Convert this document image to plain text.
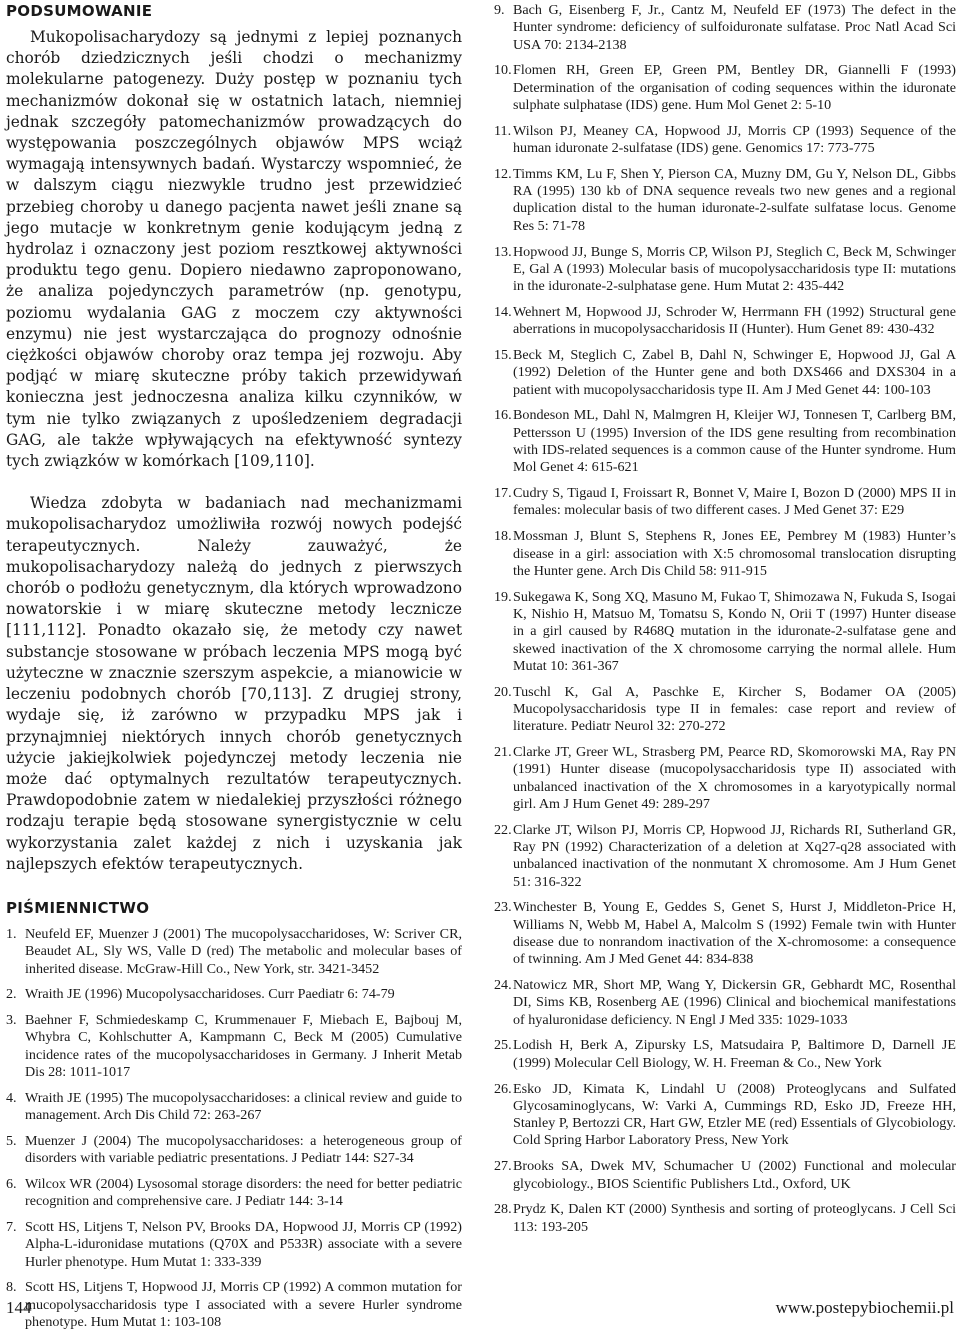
PODSUMOWANIE

Mukopolisacharydozy są jednymi z lepiej poznanych chorób dziedzicznych jeśli chodzi o mechanizmy molekularne patogenezy. Duży postęp w poznaniu tych mechanizmów dokonał się w ostatnich latach, niemniej jednak szczegóły patomechanizmów prowadzących do występowania poszczególnych objawów MPS wciąż wymagają intensywnych badań. Wystarczy wspomnieć, że w dalszym ciągu niezwykle trudno jest przewidzieć przebieg choroby u danego pacjenta nawet jeśli znane są jego mutacje w konkretnym genie kodującym jedną z hydrolaz i oznaczony jest poziom resztkowej aktywności produktu tego genu. Dopiero niedawno zaproponowano, że analiza pojedynczych parametrów (np. genotypu, poziomu wydalania GAG z moczem czy aktywności enzymu) nie jest wystarczająca do prognozy odnośnie ciężkości objawów choroby oraz tempa jej rozwoju. Aby podjąć w miarę skuteczne próby takich przewidywań konieczna jest jednoczesna analiza kilku czynników, w tym nie tylko związanych z upośledzeniem degradacji GAG, ale także wpływających na efektywność syntezy tych związków w komórkach [109,110].

Wiedza zdobyta w badaniach nad mechanizmami mukopolisacharydoz umożliwiła rozwój nowych podejść terapeutycznych. Należy zauważyć, że mukopolisacharydozy należą do jednych z pierwszych chorób o podłożu genetycznym, dla których wprowadzono nowatorskie i w miarę skuteczne metody lecznicze [111,112]. Ponadto okazało się, że metody czy nawet substancje stosowane w próbach leczenia MPS mogą być użyteczne w znacznie szerszym aspekcie, a mianowicie w leczeniu podobnych chorób [70,113]. Z drugiej strony, wydaje się, iż zarówno w przypadku MPS jak i przynajmniej niektórych innych chorób genetycznych użycie jakiejkolwiek pojedynczej metody leczenia nie może dać optymalnych rezultatów terapeutycznych. Prawdopodobnie zatem w niedalekiej przyszłości różnego rodzaju terapie będą stosowane synergistycznie w celu wykorzystania zalet każdej z nich i uzyskania jak najlepszych efektów terapeutycznych.

PIŚMIENNICTWO
1. Neufeld EF, Muenzer J (2001) The mucopolysaccharidoses, W: Scriver CR, Beaudet AL, Sly WS, Valle D (red) The metabolic and molecular bases of inherited disease. McGraw-Hill Co., New York, str. 3421-3452
2. Wraith JE (1996) Mucopolysaccharidoses. Curr Paediatr 6: 74-79
3. Baehner F, Schmiedeskamp C, Krummenauer F, Miebach E, Bajbouj M, Whybra C, Kohlschutter A, Kampmann C, Beck M (2005) Cumulative incidence rates of the mucopolysaccharidoses in Germany. J Inherit Metab Dis 28: 1011-1017
4. Wraith JE (1995) The mucopolysaccharidoses: a clinical review and guide to management. Arch Dis Child 72: 263-267
5. Muenzer J (2004) The mucopolysaccharidoses: a heterogeneous group of disorders with variable pediatric presentations. J Pediatr 144: S27-34
6. Wilcox WR (2004) Lysosomal storage disorders: the need for better pediatric recognition and comprehensive care. J Pediatr 144: 3-14
7. Scott HS, Litjens T, Nelson PV, Brooks DA, Hopwood JJ, Morris CP (1992) Alpha-L-iduronidase mutations (Q70X and P533R) associate with a severe Hurler phenotype. Hum Mutat 1: 333-339
8. Scott HS, Litjens T, Hopwood JJ, Morris CP (1992) A common mutation for mucopolysaccharidosis type I associated with a severe Hurler syndrome phenotype. Hum Mutat 1: 103-108
9. Bach G, Eisenberg F, Jr., Cantz M, Neufeld EF (1973) The defect in the Hunter syndrome: deficiency of sulfoiduronate sulfatase. Proc Natl Acad Sci USA 70: 2134-2138
10. Flomen RH, Green EP, Green PM, Bentley DR, Giannelli F (1993) Determination of the organisation of coding sequences within the iduronate sulphate sulphatase (IDS) gene. Hum Mol Genet 2: 5-10
11. Wilson PJ, Meaney CA, Hopwood JJ, Morris CP (1993) Sequence of the human iduronate 2-sulfatase (IDS) gene. Genomics 17: 773-775
12. Timms KM, Lu F, Shen Y, Pierson CA, Muzny DM, Gu Y, Nelson DL, Gibbs RA (1995) 130 kb of DNA sequence reveals two new genes and a regional duplication distal to the human iduronate-2-sulfate sulfatase locus. Genome Res 5: 71-78
13. Hopwood JJ, Bunge S, Morris CP, Wilson PJ, Steglich C, Beck M, Schwinger E, Gal A (1993) Molecular basis of mucopolysaccharidosis type II: mutations in the iduronate-2-sulphatase gene. Hum Mutat 2: 435-442
14. Wehnert M, Hopwood JJ, Schroder W, Herrmann FH (1992) Structural gene aberrations in mucopolysaccharidosis II (Hunter). Hum Genet 89: 430-432
15. Beck M, Steglich C, Zabel B, Dahl N, Schwinger E, Hopwood JJ, Gal A (1992) Deletion of the Hunter gene and both DXS466 and DXS304 in a patient with mucopolysaccharidosis type II. Am J Med Genet 44: 100-103
16. Bondeson ML, Dahl N, Malmgren H, Kleijer WJ, Tonnesen T, Carlberg BM, Pettersson U (1995) Inversion of the IDS gene resulting from recombination with IDS-related sequences is a common cause of the Hunter syndrome. Hum Mol Genet 4: 615-621
17. Cudry S, Tigaud I, Froissart R, Bonnet V, Maire I, Bozon D (2000) MPS II in females: molecular basis of two different cases. J Med Genet 37: E29
18. Mossman J, Blunt S, Stephens R, Jones EE, Pembrey M (1983) Hunter’s disease in a girl: association with X:5 chromosomal translocation disrupting the Hunter gene. Arch Dis Child 58: 911-915
19. Sukegawa K, Song XQ, Masuno M, Fukao T, Shimozawa N, Fukuda S, Isogai K, Nishio H, Matsuo M, Tomatsu S, Kondo N, Orii T (1997) Hunter disease in a girl caused by R468Q mutation in the iduronate-2-sulfatase gene and skewed inactivation of the X chromosome carrying the normal allele. Hum Mutat 10: 361-367
20. Tuschl K, Gal A, Paschke E, Kircher S, Bodamer OA (2005) Mucopolysaccharidosis type II in females: case report and review of literature. Pediatr Neurol 32: 270-272
21. Clarke JT, Greer WL, Strasberg PM, Pearce RD, Skomorowski MA, Ray PN (1991) Hunter disease (mucopolysaccharidosis type II) associated with unbalanced inactivation of the X chromosomes in a karyotypically normal girl. Am J Hum Genet 49: 289-297
22. Clarke JT, Wilson PJ, Morris CP, Hopwood JJ, Richards RI, Sutherland GR, Ray PN (1992) Characterization of a deletion at Xq27-q28 associated with unbalanced inactivation of the nonmutant X chromosome. Am J Hum Genet 51: 316-322
23. Winchester B, Young E, Geddes S, Genet S, Hurst J, Middleton-Price H, Williams N, Webb M, Habel A, Malcolm S (1992) Female twin with Hunter disease due to nonrandom inactivation of the X-chromosome: a consequence of twinning. Am J Med Genet 44: 834-838
24. Natowicz MR, Short MP, Wang Y, Dickersin GR, Gebhardt MC, Rosenthal DI, Sims KB, Rosenberg AE (1996) Clinical and biochemical manifestations of hyaluronidase deficiency. N Engl J Med 335: 1029-1033
25. Lodish H, Berk A, Zipursky LS, Matsudaira P, Baltimore D, Darnell JE (1999) Molecular Cell Biology, W. H. Freeman & Co., New York
26. Esko JD, Kimata K, Lindahl U (2008) Proteoglycans and Sulfated Glycosaminoglycans, W: Varki A, Cummings RD, Esko JD, Freeze HH, Stanley P, Bertozzi CR, Hart GW, Etzler ME (red) Essentials of Glycobiology. Cold Spring Harbor Laboratory Press, New York
27. Brooks SA, Dwek MV, Schumacher U (2002) Functional and molecular glycobiology., BIOS Scientific Publishers Ltd., Oxford, UK
28. Prydz K, Dalen KT (2000) Synthesis and sorting of proteoglycans. J Cell Sci 113: 193-205
144	www.postepybiochemii.pl
